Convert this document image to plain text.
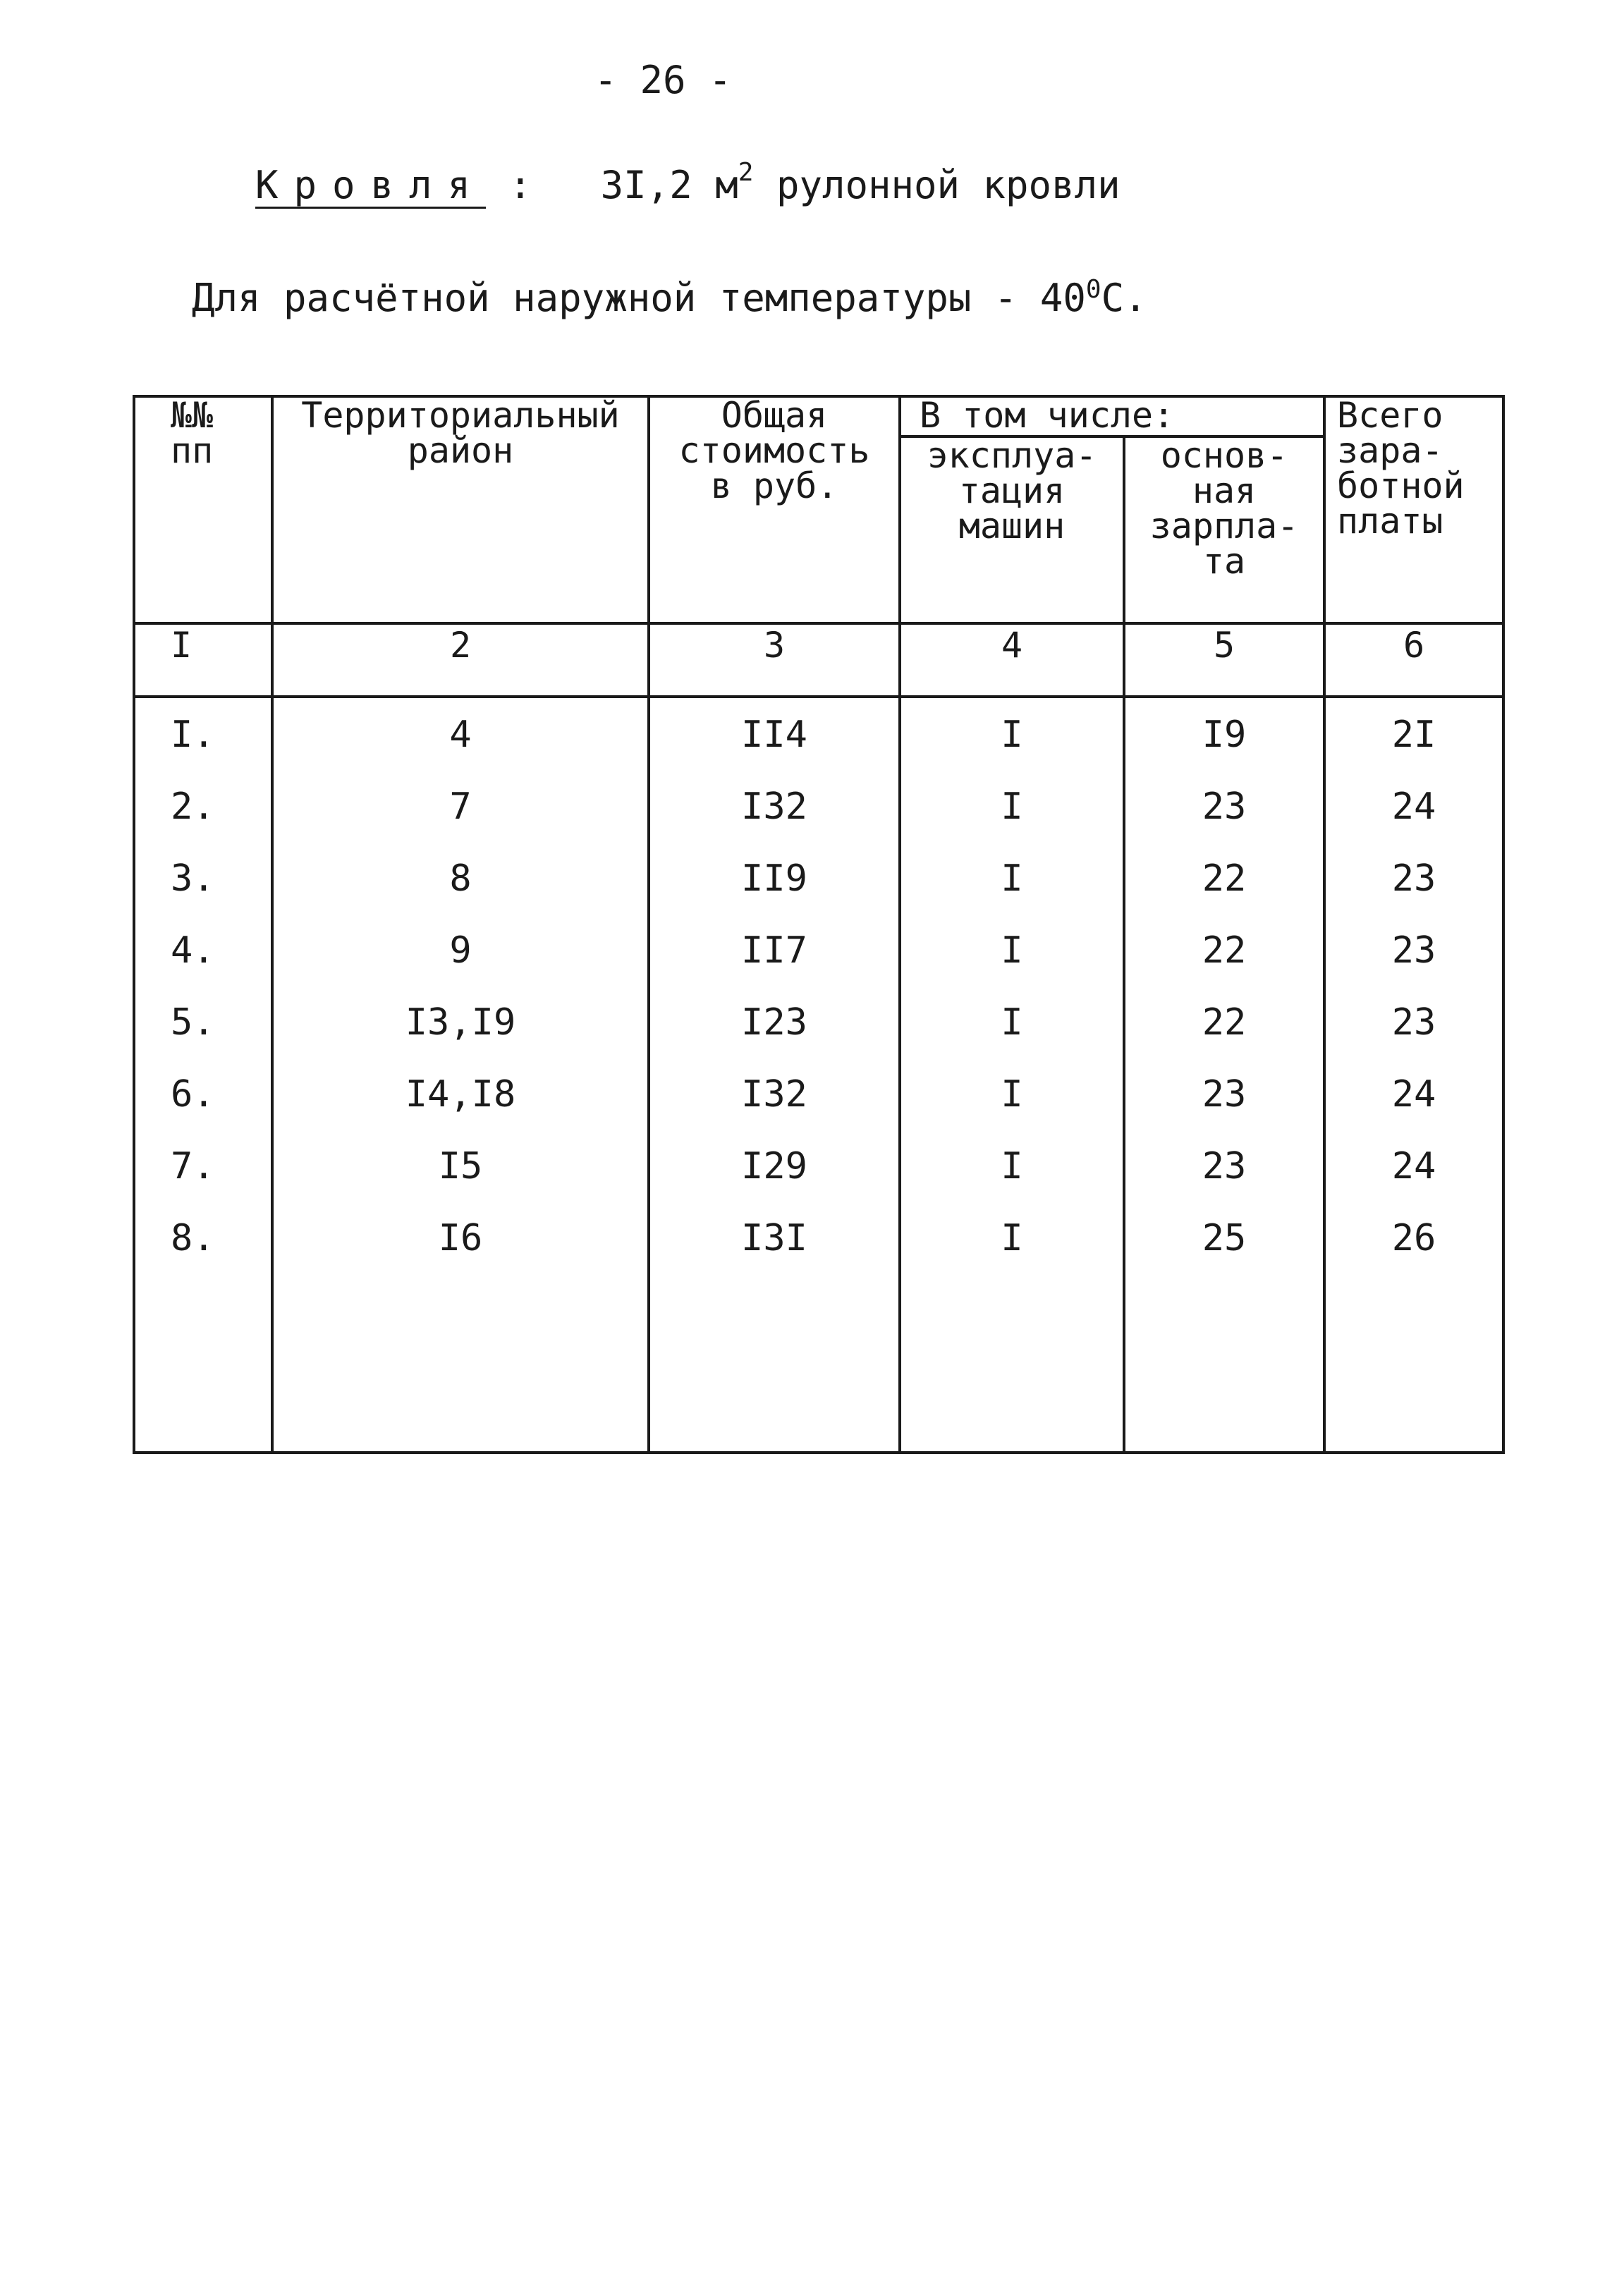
- 26 -
Кровля : 3I,2 $м^2$ рулонной кровли
Для расчётной наружной температуры - $40^0С$.
№№ пп	Территориальный район	Общая стоимость в руб.	В том числе:		Всего зара- ботной платы

			эксплуа- тация машин	основ- ная зарпла- та	

I	2	3	4	5	6
I.	4	II4	I	I9	2I
2.	7	I32	I	23	24
3.	8	II9	I	22	23
4.	9	II7	I	22	23
5.	I3,I9	I23	I	22	23
6.	I4,I8	I32	I	23	24
7.	I5	I29	I	23	24
8.	I6	I3I	I	25	26
